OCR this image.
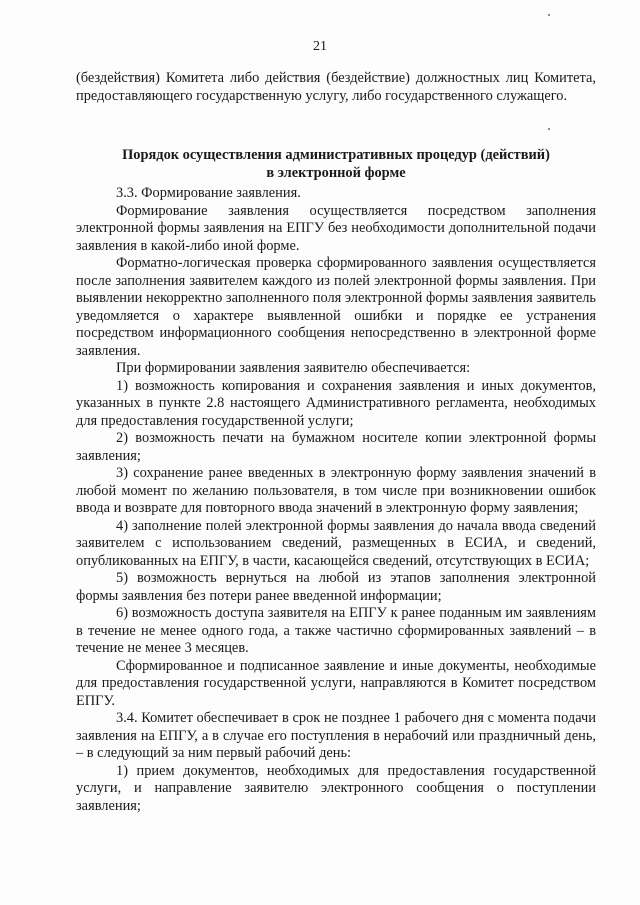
21

(бездействия) Комитета либо действия (бездействие) должностных лиц Комитета, предоставляющего государственную услугу, либо государственного служащего.

Порядок осуществления административных процедур (действий)
в электронной форме

3.3. Формирование заявления.

Формирование заявления осуществляется посредством заполнения электронной формы заявления на ЕПГУ без необходимости дополнительной подачи заявления в какой-либо иной форме.

Форматно-логическая проверка сформированного заявления осуществляется после заполнения заявителем каждого из полей электронной формы заявления. При выявлении некорректно заполненного поля электронной формы заявления заявитель уведомляется о характере выявленной ошибки и порядке ее устранения посредством информационного сообщения непосредственно в электронной форме заявления.

При формировании заявления заявителю обеспечивается:

1) возможность копирования и сохранения заявления и иных документов, указанных в пункте 2.8 настоящего Административного регламента, необходимых для предоставления государственной услуги;

2) возможность печати на бумажном носителе копии электронной формы заявления;

3) сохранение ранее введенных в электронную форму заявления значений в любой момент по желанию пользователя, в том числе при возникновении ошибок ввода и возврате для повторного ввода значений в электронную форму заявления;

4) заполнение полей электронной формы заявления до начала ввода сведений заявителем с использованием сведений, размещенных в ЕСИА, и сведений, опубликованных на ЕПГУ, в части, касающейся сведений, отсутствующих в ЕСИА;

5) возможность вернуться на любой из этапов заполнения электронной формы заявления без потери ранее введенной информации;

6) возможность доступа заявителя на ЕПГУ к ранее поданным им заявлениям в течение не менее одного года, а также частично сформированных заявлений – в течение не менее 3 месяцев.

Сформированное и подписанное заявление и иные документы, необходимые для предоставления государственной услуги, направляются в Комитет посредством ЕПГУ.

3.4. Комитет обеспечивает в срок не позднее 1 рабочего дня с момента подачи заявления на ЕПГУ, а в случае его поступления в нерабочий или праздничный день, – в следующий за ним первый рабочий день:

1) прием документов, необходимых для предоставления государственной услуги, и направление заявителю электронного сообщения о поступлении заявления;
